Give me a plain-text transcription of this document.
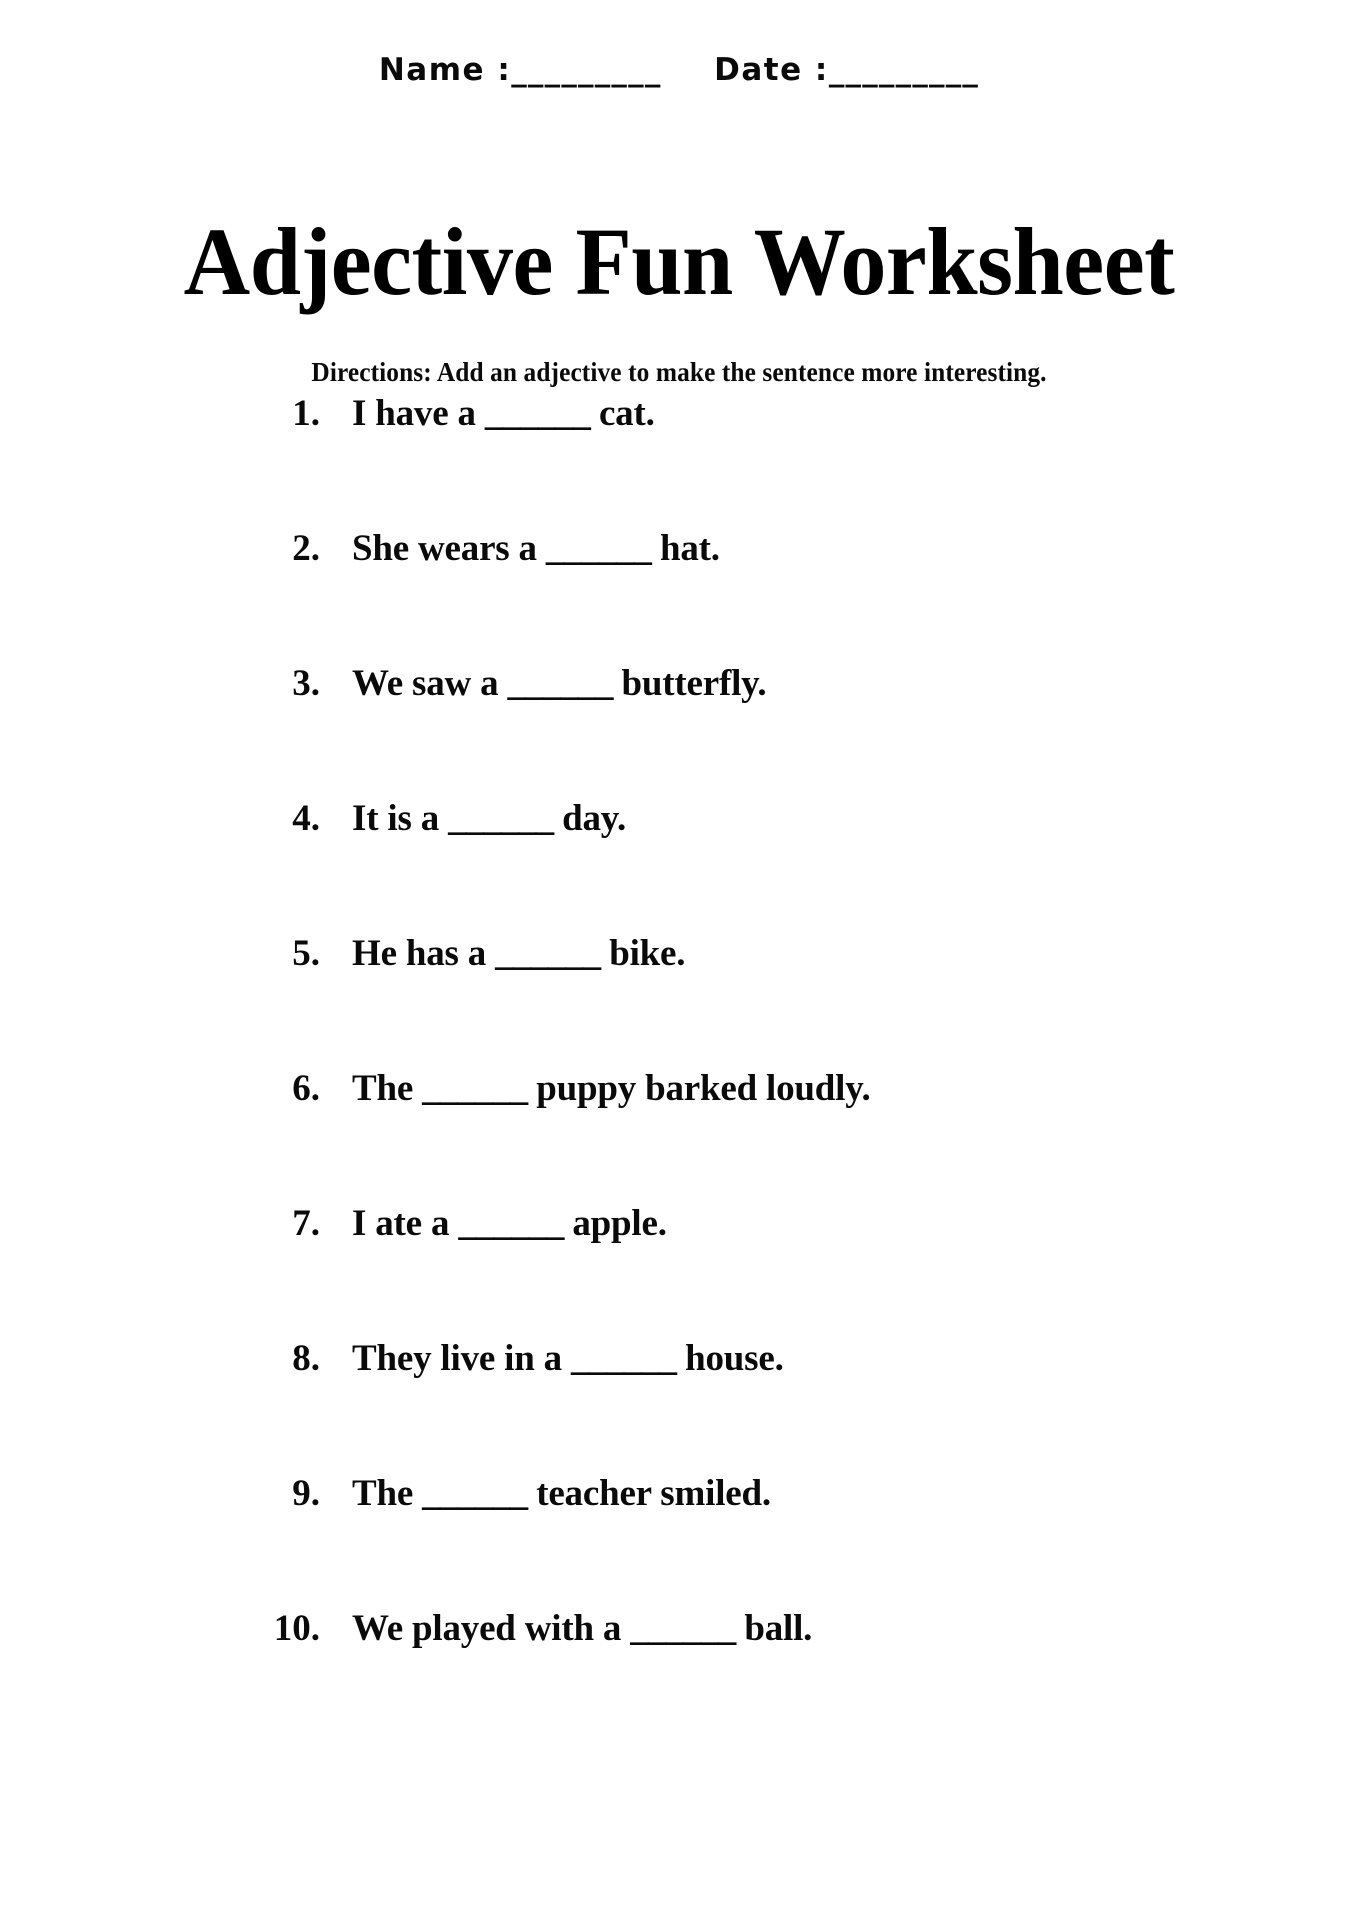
Name :_________ Date :_________
Adjective Fun Worksheet

Directions: Add an adjective to make the sentence more interesting.

1. I have a ______ cat.
2. She wears a ______ hat.
3. We saw a ______ butterfly.
4. It is a ______ day.
5. He has a ______ bike.
6. The ______ puppy barked loudly.
7. I ate a ______ apple.
8. They live in a ______ house.
9. The ______ teacher smiled.
10. We played with a ______ ball.
